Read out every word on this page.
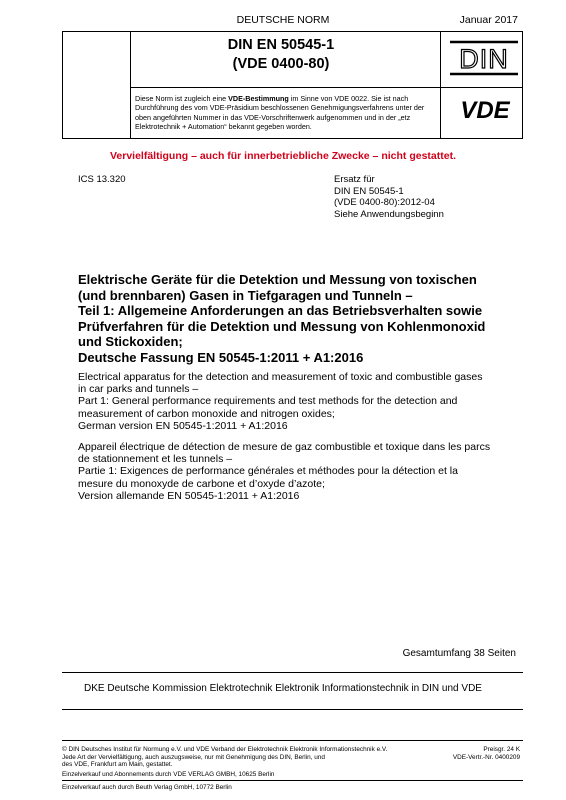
DEUTSCHE NORM	Januar 2017
DIN EN 50545-1
(VDE 0400-80)	DIN
Diese Norm ist zugleich eine VDE-Bestimmung im Sinne von VDE 0022. Sie ist nach Durchführung des vom VDE-Präsidium beschlossenen Genehmigungsverfahrens unter der oben angeführten Nummer in das VDE-Vorschriftenwerk aufgenommen und in der „etz Elektrotechnik + Automation“ bekannt gegeben worden.
VDE
Vervielfältigung – auch für innerbetriebliche Zwecke – nicht gestattet.
ICS 13.320	Ersatz für
DIN EN 50545-1
(VDE 0400-80):2012-04
Siehe Anwendungsbeginn
Elektrische Geräte für die Detektion und Messung von toxischen
(und brennbaren) Gasen in Tiefgaragen und Tunneln –
Teil 1: Allgemeine Anforderungen an das Betriebsverhalten sowie
Prüfverfahren für die Detektion und Messung von Kohlenmonoxid
und Stickoxiden;
Deutsche Fassung EN 50545-1:2011 + A1:2016
Electrical apparatus for the detection and measurement of toxic and combustible gases
in car parks and tunnels –
Part 1: General performance requirements and test methods for the detection and
measurement of carbon monoxide and nitrogen oxides;
German version EN 50545-1:2011 + A1:2016
Appareil électrique de détection de mesure de gaz combustible et toxique dans les parcs
de stationnement et les tunnels –
Partie 1: Exigences de performance générales et méthodes pour la détection et la
mesure du monoxyde de carbone et d’oxyde d’azote;
Version allemande EN 50545-1:2011 + A1:2016
Gesamtumfang 38 Seiten
DKE Deutsche Kommission Elektrotechnik Elektronik Informationstechnik in DIN und VDE
© DIN Deutsches Institut für Normung e.V. und VDE Verband der Elektrotechnik Elektronik Informationstechnik e.V.
Jede Art der Vervielfältigung, auch auszugsweise, nur mit Genehmigung des DIN, Berlin, und
des VDE, Frankfurt am Main, gestattet.
Preisgr. 24 K
VDE-Vertr.-Nr. 0400209
Einzelverkauf und Abonnements durch VDE VERLAG GMBH, 10625 Berlin
Einzelverkauf auch durch Beuth Verlag GmbH, 10772 Berlin
